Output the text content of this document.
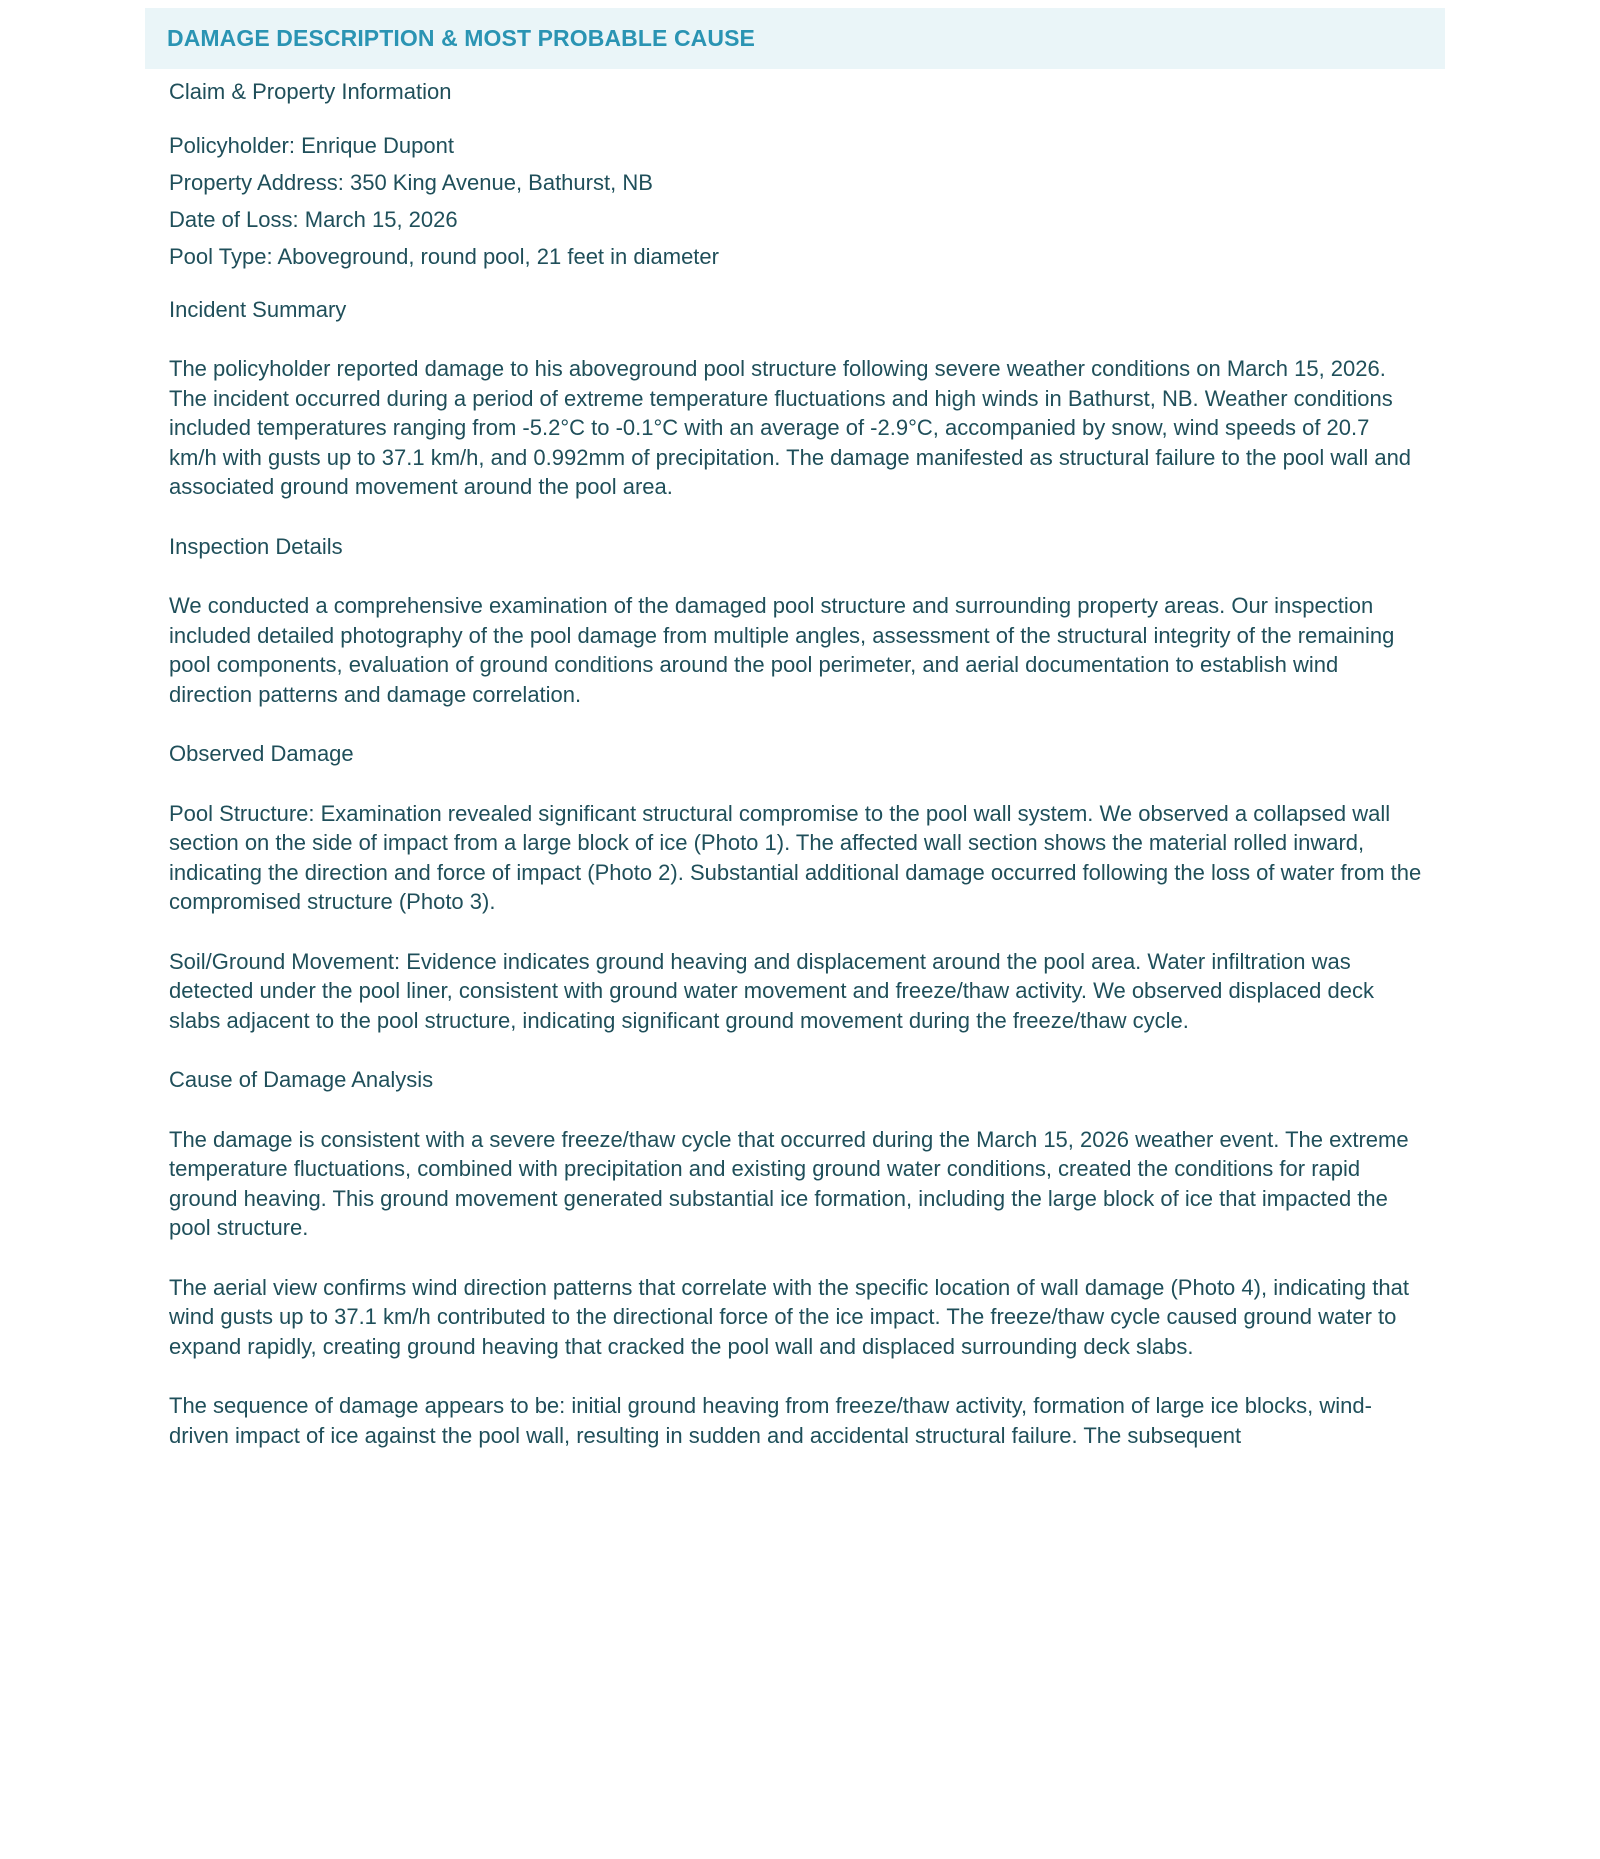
DAMAGE DESCRIPTION & MOST PROBABLE CAUSE
Claim & Property Information

Policyholder: Enrique Dupont

Property Address: 350 King Avenue, Bathurst, NB

Date of Loss: March 15, 2026

Pool Type: Aboveground, round pool, 21 feet in diameter

Incident Summary

The policyholder reported damage to his aboveground pool structure following severe weather conditions on March 15, 2026. The incident occurred during a period of extreme temperature fluctuations and high winds in Bathurst, NB. Weather conditions included temperatures ranging from -5.2°C to -0.1°C with an average of -2.9°C, accompanied by snow, wind speeds of 20.7 km/h with gusts up to 37.1 km/h, and 0.992mm of precipitation. The damage manifested as structural failure to the pool wall and associated ground movement around the pool area.

Inspection Details

We conducted a comprehensive examination of the damaged pool structure and surrounding property areas. Our inspection included detailed photography of the pool damage from multiple angles, assessment of the structural integrity of the remaining pool components, evaluation of ground conditions around the pool perimeter, and aerial documentation to establish wind direction patterns and damage correlation.

Observed Damage

Pool Structure: Examination revealed significant structural compromise to the pool wall system. We observed a collapsed wall section on the side of impact from a large block of ice (Photo 1). The affected wall section shows the material rolled inward, indicating the direction and force of impact (Photo 2). Substantial additional damage occurred following the loss of water from the compromised structure (Photo 3).

Soil/Ground Movement: Evidence indicates ground heaving and displacement around the pool area. Water infiltration was detected under the pool liner, consistent with ground water movement and freeze/thaw activity. We observed displaced deck slabs adjacent to the pool structure, indicating significant ground movement during the freeze/thaw cycle.

Cause of Damage Analysis

The damage is consistent with a severe freeze/thaw cycle that occurred during the March 15, 2026 weather event. The extreme temperature fluctuations, combined with precipitation and existing ground water conditions, created the conditions for rapid ground heaving. This ground movement generated substantial ice formation, including the large block of ice that impacted the pool structure.

The aerial view confirms wind direction patterns that correlate with the specific location of wall damage (Photo 4), indicating that wind gusts up to 37.1 km/h contributed to the directional force of the ice impact. The freeze/thaw cycle caused ground water to expand rapidly, creating ground heaving that cracked the pool wall and displaced surrounding deck slabs.

The sequence of damage appears to be: initial ground heaving from freeze/thaw activity, formation of large ice blocks, wind-driven impact of ice against the pool wall, resulting in sudden and accidental structural failure. The subsequent
